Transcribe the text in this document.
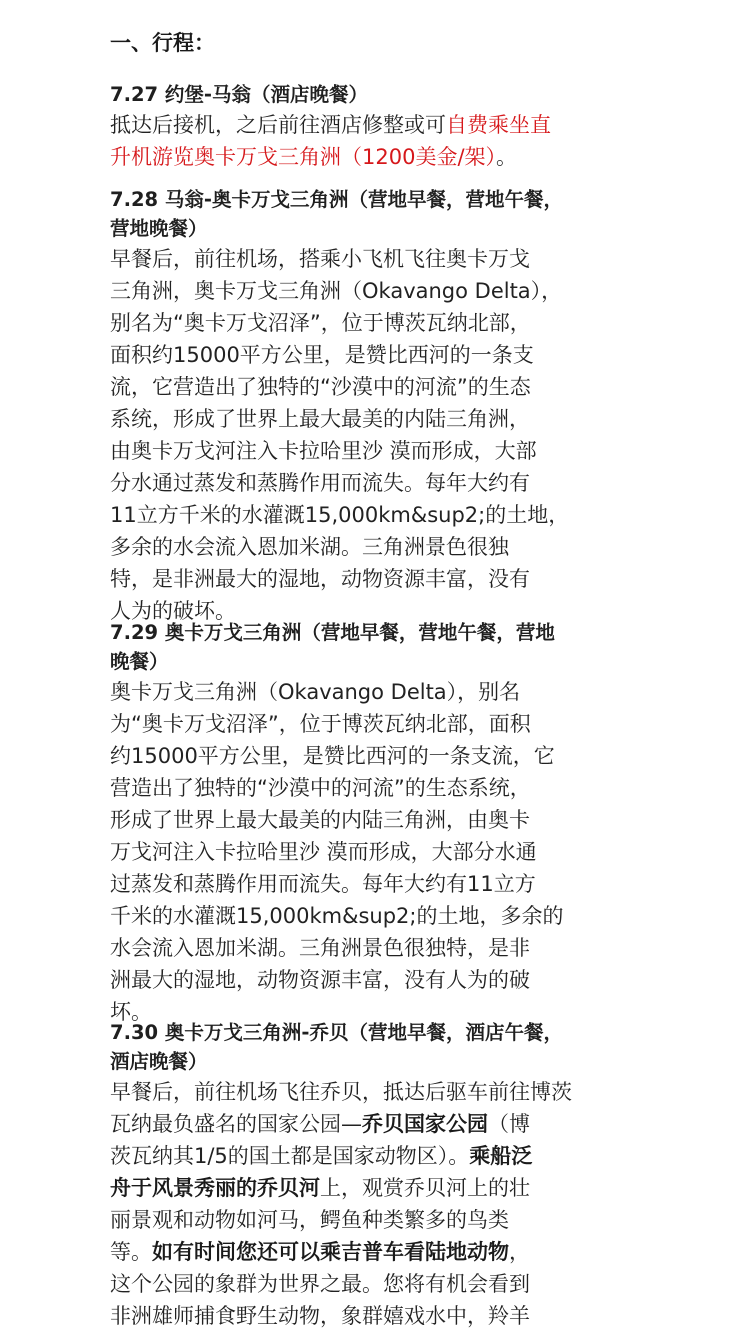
一、行程：
7.27 约堡-马翁（酒店晚餐）
抵达后接机，之后前往酒店修整或可自费乘坐直
升机游览奥卡万戈三角洲（1200美金/架）。
7.28 马翁-奥卡万戈三角洲（营地早餐，营地午餐，
营地晚餐）
早餐后，前往机场，搭乘小飞机飞往奥卡万戈
三角洲，奥卡万戈三角洲（Okavango Delta），
别名为“奥卡万戈沼泽”，位于博茨瓦纳北部，
面积约15000平方公里，是赞比西河的一条支
流，它营造出了独特的“沙漠中的河流”的生态
系统，形成了世界上最大最美的内陆三角洲，
由奥卡万戈河注入卡拉哈里沙 漠而形成，大部
分水通过蒸发和蒸腾作用而流失。每年大约有
11立方千米的水灌溉15,000km&sup2;的土地，
多余的水会流入恩加米湖。三角洲景色很独
特，是非洲最大的湿地，动物资源丰富，没有
人为的破坏。
7.29 奥卡万戈三角洲（营地早餐，营地午餐，营地
晚餐）
奥卡万戈三角洲（Okavango Delta），别名
为“奥卡万戈沼泽”，位于博茨瓦纳北部，面积
约15000平方公里，是赞比西河的一条支流，它
营造出了独特的“沙漠中的河流”的生态系统，
形成了世界上最大最美的内陆三角洲，由奥卡
万戈河注入卡拉哈里沙 漠而形成，大部分水通
过蒸发和蒸腾作用而流失。每年大约有11立方
千米的水灌溉15,000km&sup2;的土地，多余的
水会流入恩加米湖。三角洲景色很独特，是非
洲最大的湿地，动物资源丰富，没有人为的破
坏。
7.30 奥卡万戈三角洲-乔贝（营地早餐，酒店午餐，
酒店晚餐）
早餐后，前往机场飞往乔贝，抵达后驱车前往博茨
瓦纳最负盛名的国家公园—乔贝国家公园（博
茨瓦纳其1/5的国土都是国家动物区）。乘船泛
舟于风景秀丽的乔贝河上，观赏乔贝河上的壮
丽景观和动物如河马，鳄鱼种类繁多的鸟类
等。如有时间您还可以乘吉普车看陆地动物，
这个公园的象群为世界之最。您将有机会看到
非洲雄师捕食野生动物，象群嬉戏水中，羚羊
